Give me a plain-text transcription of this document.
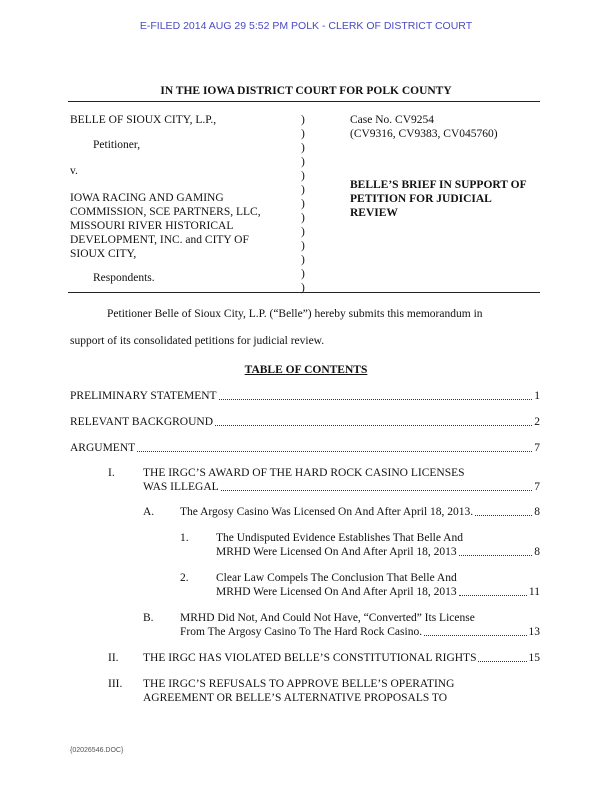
E-FILED 2014 AUG 29 5:52 PM POLK - CLERK OF DISTRICT COURT
IN THE IOWA DISTRICT COURT FOR POLK COUNTY
BELLE OF SIOUX CITY, L.P.,
Petitioner,
v.
IOWA RACING AND GAMING
COMMISSION, SCE PARTNERS, LLC,
MISSOURI RIVER HISTORICAL
DEVELOPMENT, INC. and CITY OF
SIOUX CITY,
Respondents.
)
)
)
)
)
)
)
)
)
)
)
)
)
Case No. CV9254
(CV9316, CV9383, CV045760)
BELLE’S BRIEF IN SUPPORT OF
PETITION FOR JUDICIAL
REVIEW
Petitioner Belle of Sioux City, L.P. (“Belle”) hereby submits this memorandum in
support of its consolidated petitions for judicial review.
TABLE OF CONTENTS
PRELIMINARY STATEMENT	1
RELEVANT BACKGROUND	2
ARGUMENT	7
I. THE IRGC’S AWARD OF THE HARD ROCK CASINO LICENSES
WAS ILLEGAL	7
A. The Argosy Casino Was Licensed On And After April 18, 2013.	8
1. The Undisputed Evidence Establishes That Belle And
MRHD Were Licensed On And After April 18, 2013	8
2. Clear Law Compels The Conclusion That Belle And
MRHD Were Licensed On And After April 18, 2013	11
B. MRHD Did Not, And Could Not Have, “Converted” Its License
From The Argosy Casino To The Hard Rock Casino.	13
II. THE IRGC HAS VIOLATED BELLE’S CONSTITUTIONAL RIGHTS	15
III. THE IRGC’S REFUSALS TO APPROVE BELLE’S OPERATING
AGREEMENT OR BELLE’S ALTERNATIVE PROPOSALS TO
{02026546.DOC}
